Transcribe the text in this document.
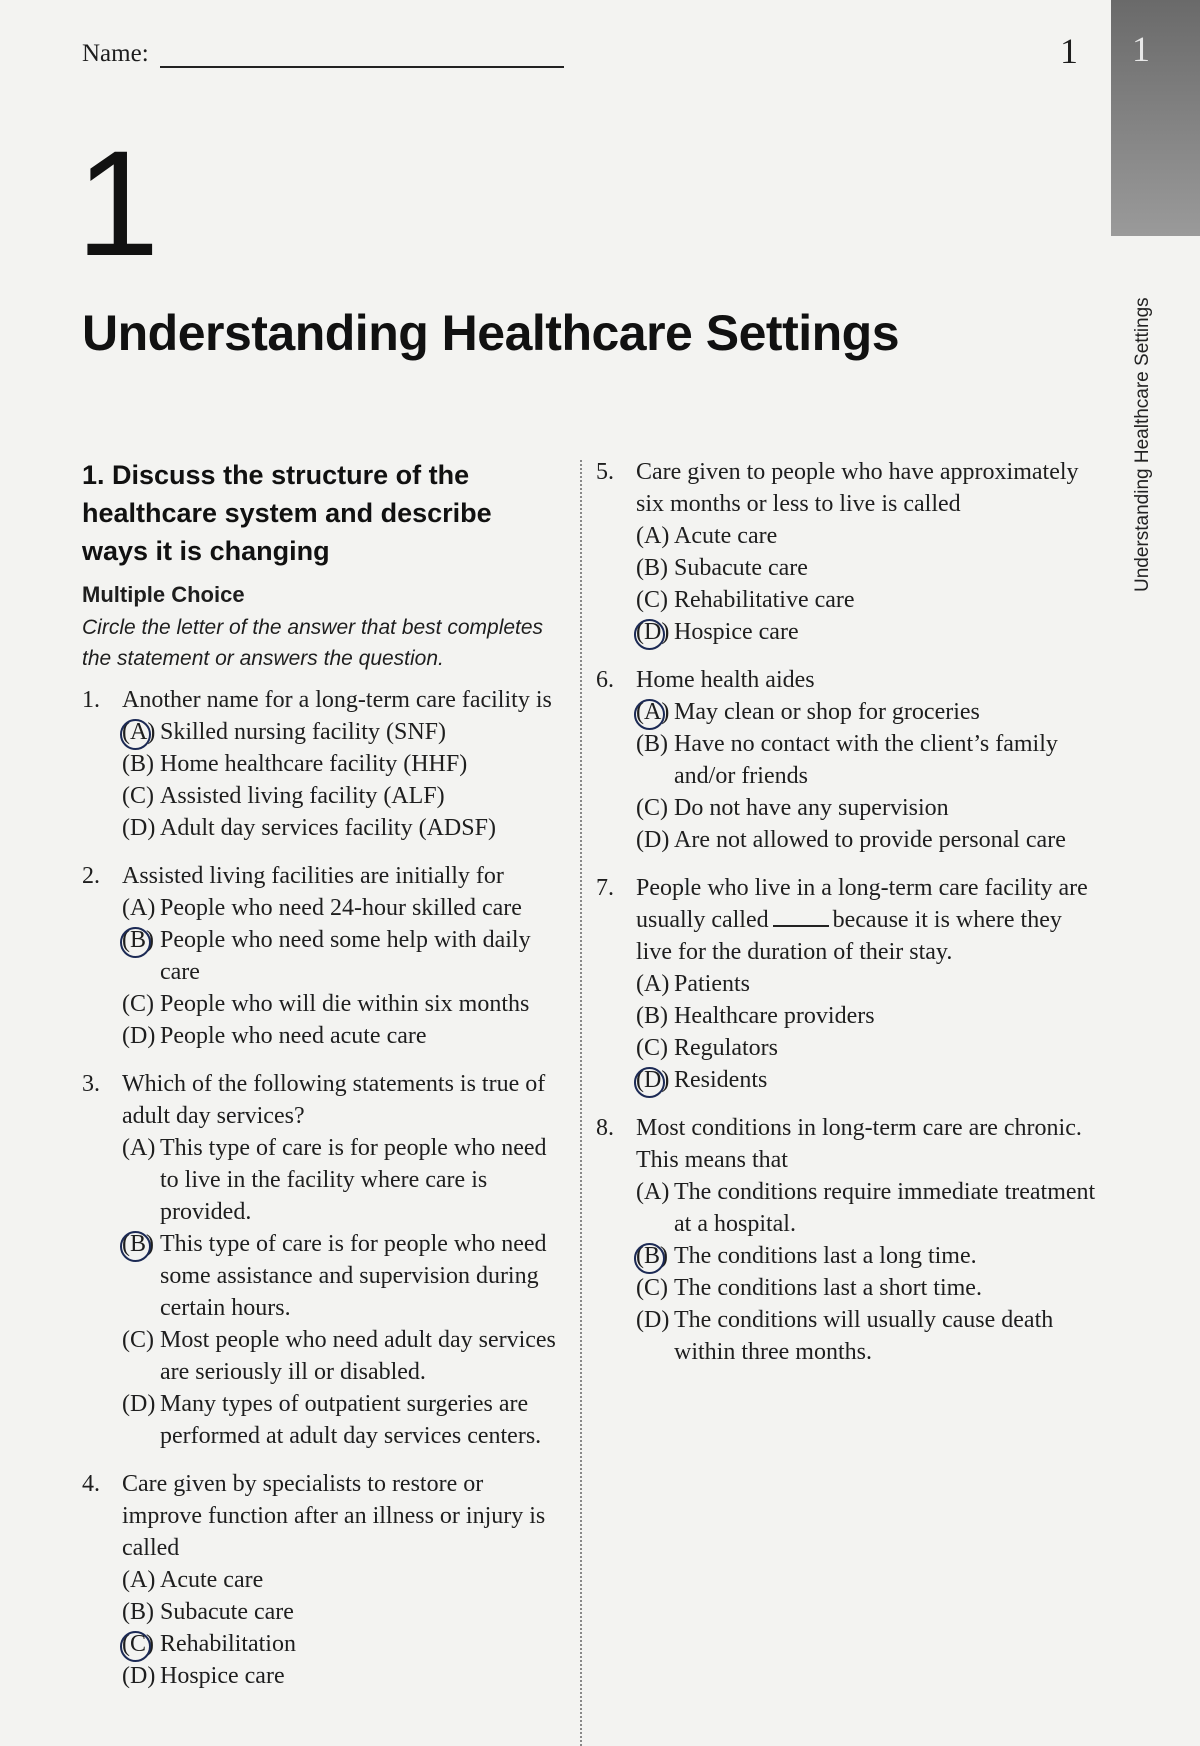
Name:	1	1
Understanding Healthcare Settings
1
Understanding Healthcare Settings
1. Discuss the structure of the healthcare system and describe ways it is changing
Multiple Choice
Circle the letter of the answer that best completes the statement or answers the question.
1. Another name for a long-term care facility is
(A) Skilled nursing facility (SNF)
(B) Home healthcare facility (HHF)
(C) Assisted living facility (ALF)
(D) Adult day services facility (ADSF)
2. Assisted living facilities are initially for
(A) People who need 24-hour skilled care
(B) People who need some help with daily care
(C) People who will die within six months
(D) People who need acute care
3. Which of the following statements is true of adult day services?
(A) This type of care is for people who need to live in the facility where care is provided.
(B) This type of care is for people who need some assistance and supervision during certain hours.
(C) Most people who need adult day services are seriously ill or disabled.
(D) Many types of outpatient surgeries are performed at adult day services centers.
4. Care given by specialists to restore or improve function after an illness or injury is called
(A) Acute care
(B) Subacute care
(C) Rehabilitation
(D) Hospice care
5. Care given to people who have approximately six months or less to live is called
(A) Acute care
(B) Subacute care
(C) Rehabilitative care
(D) Hospice care
6. Home health aides
(A) May clean or shop for groceries
(B) Have no contact with the client’s family and/or friends
(C) Do not have any supervision
(D) Are not allowed to provide personal care
7. People who live in a long-term care facility are usually called	because it is where they live for the duration of their stay.
(A) Patients
(B) Healthcare providers
(C) Regulators
(D) Residents
8. Most conditions in long-term care are chronic. This means that
(A) The conditions require immediate treatment at a hospital.
(B) The conditions last a long time.
(C) The conditions last a short time.
(D) The conditions will usually cause death within three months.
